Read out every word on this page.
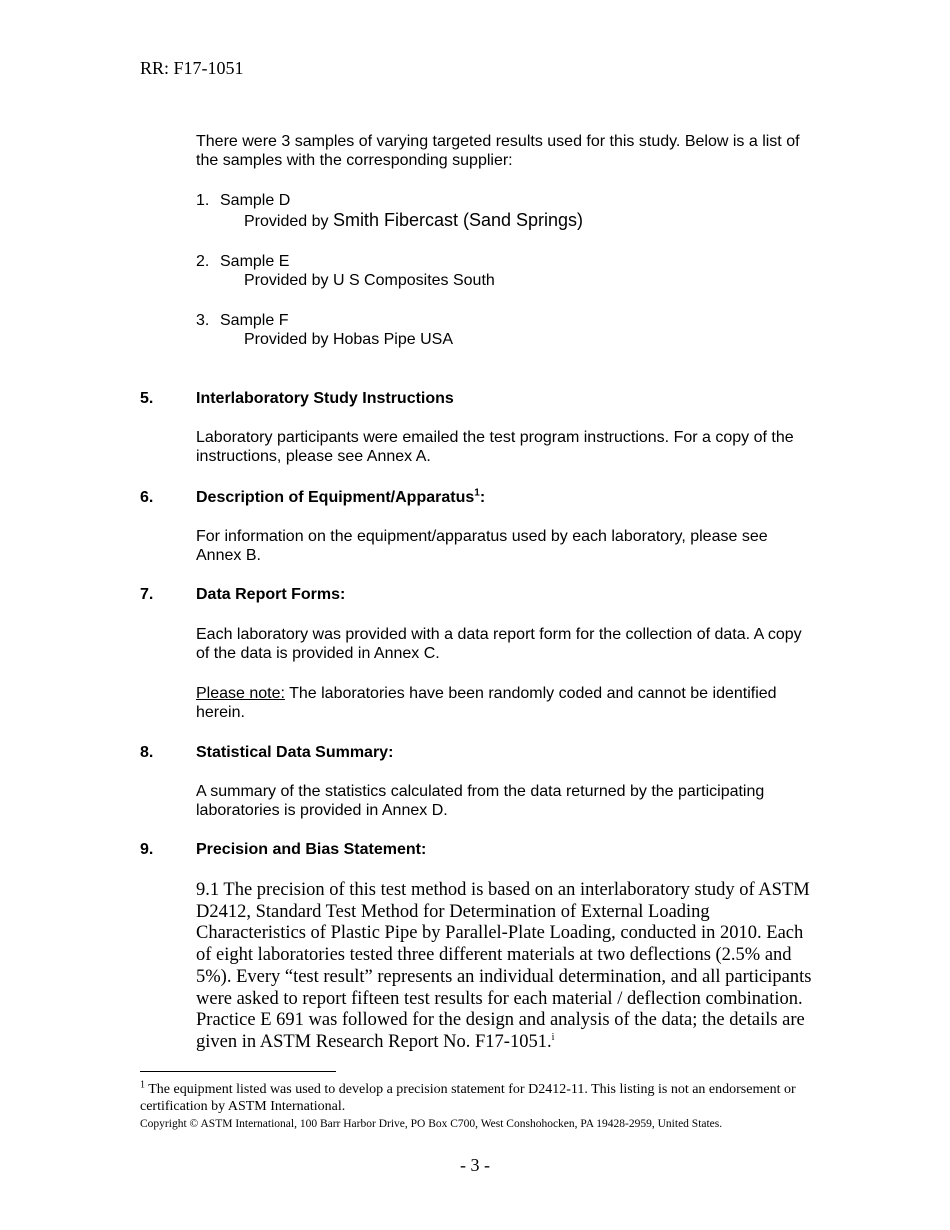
RR: F17-1051
There were 3 samples of varying targeted results used for this study. Below is a list of the samples with the corresponding supplier:
1. Sample D
Provided by Smith Fibercast (Sand Springs)
2. Sample E
Provided by U S Composites South
3. Sample F
Provided by Hobas Pipe USA
5.	Interlaboratory Study Instructions
Laboratory participants were emailed the test program instructions. For a copy of the instructions, please see Annex A.
6.	Description of Equipment/Apparatus$^1$:
For information on the equipment/apparatus used by each laboratory, please see Annex B.
7.	Data Report Forms:
Each laboratory was provided with a data report form for the collection of data. A copy of the data is provided in Annex C.
Please note: The laboratories have been randomly coded and cannot be identified herein.
8.	Statistical Data Summary:
A summary of the statistics calculated from the data returned by the participating laboratories is provided in Annex D.
9.	Precision and Bias Statement:
9.1 The precision of this test method is based on an interlaboratory study of ASTM D2412, Standard Test Method for Determination of External Loading Characteristics of Plastic Pipe by Parallel-Plate Loading, conducted in 2010. Each of eight laboratories tested three different materials at two deflections (2.5% and 5%). Every “test result” represents an individual determination, and all participants were asked to report fifteen test results for each material / deflection combination. Practice E 691 was followed for the design and analysis of the data; the details are given in ASTM Research Report No. F17-1051.$^i$
$^1$ The equipment listed was used to develop a precision statement for D2412-11. This listing is not an endorsement or certification by ASTM International.
Copyright © ASTM International, 100 Barr Harbor Drive, PO Box C700, West Conshohocken, PA 19428-2959, United States.
- 3 -
